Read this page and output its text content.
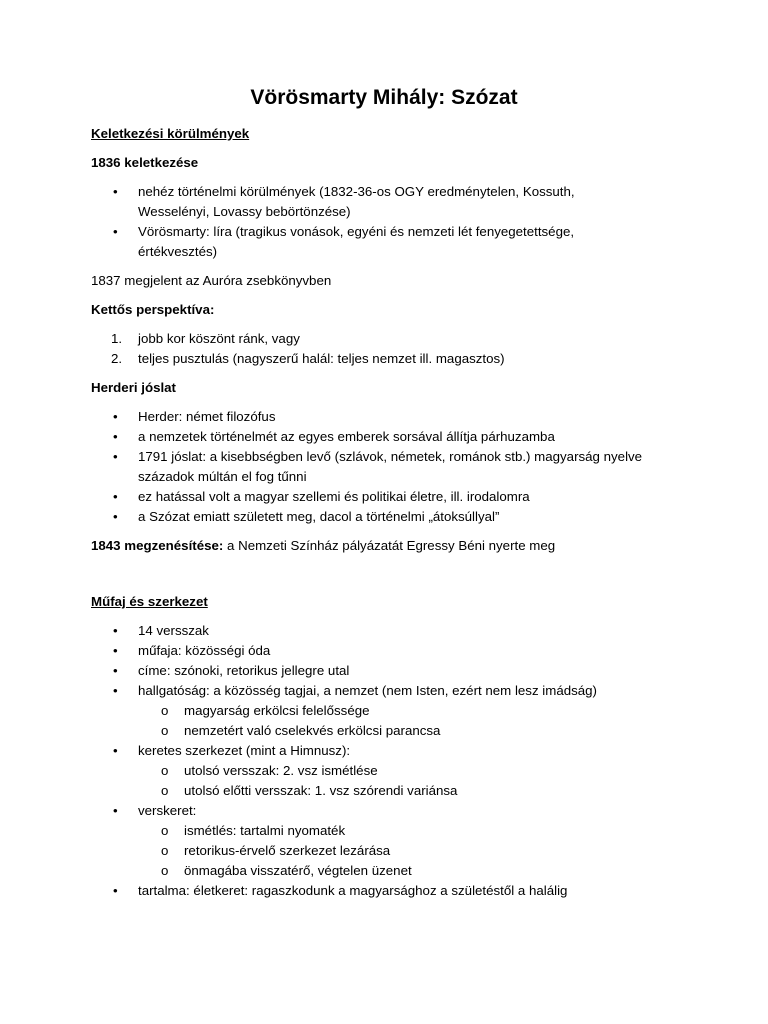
Vörösmarty Mihály: Szózat

Keletkezési körülmények

1836 keletkezése

•	nehéz történelmi körülmények (1832-36-os OGY eredménytelen, Kossuth,
Wesselényi, Lovassy bebörtönzése)
•	Vörösmarty: líra (tragikus vonások, egyéni és nemzeti lét fenyegetettsége,
értékvesztés)

1837 megjelent az Auróra zsebkönyvben

Kettős perspektíva:

1. jobb kor köszönt ránk, vagy
2. teljes pusztulás (nagyszerű halál: teljes nemzet ill. magasztos)

Herderi jóslat

•	Herder: német filozófus
•	a nemzetek történelmét az egyes emberek sorsával állítja párhuzamba
•	1791 jóslat: a kisebbségben levő (szlávok, németek, románok stb.) magyarság nyelve
századok múltán el fog tűnni
•	ez hatással volt a magyar szellemi és politikai életre, ill. irodalomra
•	a Szózat emiatt született meg, dacol a történelmi „átoksúllyal”

1843 megzenésítése: a Nemzeti Színház pályázatát Egressy Béni nyerte meg

Műfaj és szerkezet

•	14 versszak
•	műfaja: közösségi óda
•	címe: szónoki, retorikus jellegre utal
•	hallgatóság: a közösség tagjai, a nemzet (nem Isten, ezért nem lesz imádság)
o magyarság erkölcsi felelőssége
o nemzetért való cselekvés erkölcsi parancsa
•	keretes szerkezet (mint a Himnusz):
o utolsó versszak: 2. vsz ismétlése
o utolsó előtti versszak: 1. vsz szórendi variánsa
•	verskeret:
o ismétlés: tartalmi nyomaték
o retorikus-érvelő szerkezet lezárása
o önmagába visszatérő, végtelen üzenet
•	tartalma: életkeret: ragaszkodunk a magyarsághoz a születéstől a halálig
